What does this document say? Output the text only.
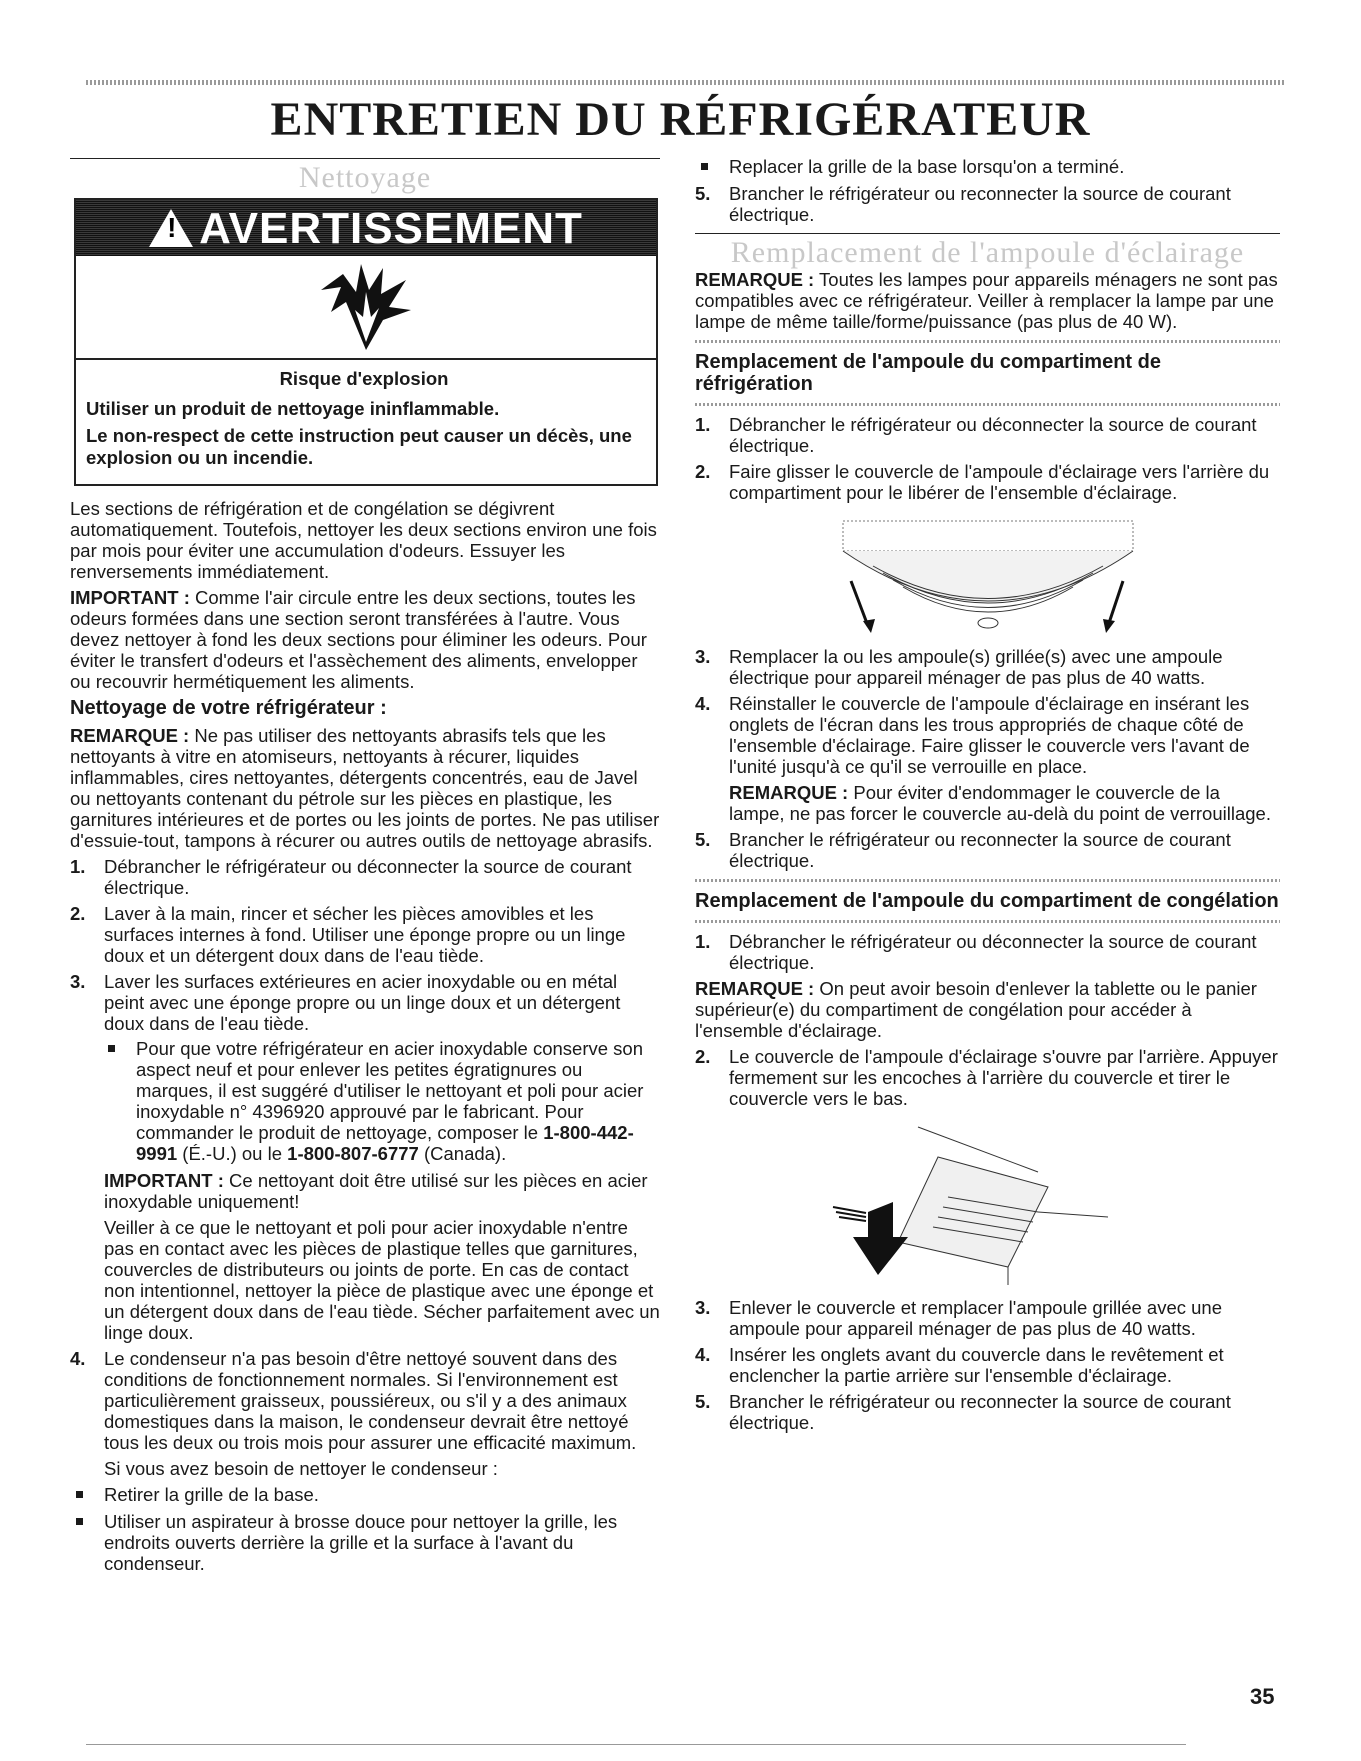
ENTRETIEN DU RÉFRIGÉRATEUR
Nettoyage
! AVERTISSEMENT
Risque d'explosion

Utiliser un produit de nettoyage ininflammable.

Le non-respect de cette instruction peut causer un décès, une explosion ou un incendie.

Les sections de réfrigération et de congélation se dégivrent automatiquement. Toutefois, nettoyer les deux sections environ une fois par mois pour éviter une accumulation d'odeurs. Essuyer les renversements immédiatement.

IMPORTANT : Comme l'air circule entre les deux sections, toutes les odeurs formées dans une section seront transférées à l'autre. Vous devez nettoyer à fond les deux sections pour éliminer les odeurs. Pour éviter le transfert d'odeurs et l'assèchement des aliments, envelopper ou recouvrir hermétiquement les aliments.

Nettoyage de votre réfrigérateur :

REMARQUE : Ne pas utiliser des nettoyants abrasifs tels que les nettoyants à vitre en atomiseurs, nettoyants à récurer, liquides inflammables, cires nettoyantes, détergents concentrés, eau de Javel ou nettoyants contenant du pétrole sur les pièces en plastique, les garnitures intérieures et de portes ou les joints de portes. Ne pas utiliser d'essuie-tout, tampons à récurer ou autres outils de nettoyage abrasifs.

1. Débrancher le réfrigérateur ou déconnecter la source de courant électrique.
2. Laver à la main, rincer et sécher les pièces amovibles et les surfaces internes à fond. Utiliser une éponge propre ou un linge doux et un détergent doux dans de l'eau tiède.
3. Laver les surfaces extérieures en acier inoxydable ou en métal peint avec une éponge propre ou un linge doux et un détergent doux dans de l'eau tiède.
Pour que votre réfrigérateur en acier inoxydable conserve son aspect neuf et pour enlever les petites égratignures ou marques, il est suggéré d'utiliser le nettoyant et poli pour acier inoxydable n° 4396920 approuvé par le fabricant. Pour commander le produit de nettoyage, composer le 1-800-442-9991 (É.-U.) ou le 1-800-807-6777 (Canada).

IMPORTANT : Ce nettoyant doit être utilisé sur les pièces en acier inoxydable uniquement!

Veiller à ce que le nettoyant et poli pour acier inoxydable n'entre pas en contact avec les pièces de plastique telles que garnitures, couvercles de distributeurs ou joints de porte. En cas de contact non intentionnel, nettoyer la pièce de plastique avec une éponge et un détergent doux dans de l'eau tiède. Sécher parfaitement avec un linge doux.

4. Le condenseur n'a pas besoin d'être nettoyé souvent dans des conditions de fonctionnement normales. Si l'environnement est particulièrement graisseux, poussiéreux, ou s'il y a des animaux domestiques dans la maison, le condenseur devrait être nettoyé tous les deux ou trois mois pour assurer une efficacité maximum.

Si vous avez besoin de nettoyer le condenseur :

Retirer la grille de la base.
Utiliser un aspirateur à brosse douce pour nettoyer la grille, les endroits ouverts derrière la grille et la surface à l'avant du condenseur.
Replacer la grille de la base lorsqu'on a terminé.
5. Brancher le réfrigérateur ou reconnecter la source de courant électrique.
Remplacement de l'ampoule d'éclairage

REMARQUE : Toutes les lampes pour appareils ménagers ne sont pas compatibles avec ce réfrigérateur. Veiller à remplacer la lampe par une lampe de même taille/forme/puissance (pas plus de 40 W).

Remplacement de l'ampoule du compartiment de réfrigération
1. Débrancher le réfrigérateur ou déconnecter la source de courant électrique.
2. Faire glisser le couvercle de l'ampoule d'éclairage vers l'arrière du compartiment pour le libérer de l'ensemble d'éclairage.
3. Remplacer la ou les ampoule(s) grillée(s) avec une ampoule électrique pour appareil ménager de pas plus de 40 watts.
4. Réinstaller le couvercle de l'ampoule d'éclairage en insérant les onglets de l'écran dans les trous appropriés de chaque côté de l'ensemble d'éclairage. Faire glisser le couvercle vers l'avant de l'unité jusqu'à ce qu'il se verrouille en place.

REMARQUE : Pour éviter d'endommager le couvercle de la lampe, ne pas forcer le couvercle au-delà du point de verrouillage.

5. Brancher le réfrigérateur ou reconnecter la source de courant électrique.
Remplacement de l'ampoule du compartiment de congélation
1. Débrancher le réfrigérateur ou déconnecter la source de courant électrique.

REMARQUE : On peut avoir besoin d'enlever la tablette ou le panier supérieur(e) du compartiment de congélation pour accéder à l'ensemble d'éclairage.

2. Le couvercle de l'ampoule d'éclairage s'ouvre par l'arrière. Appuyer fermement sur les encoches à l'arrière du couvercle et tirer le couvercle vers le bas.
3. Enlever le couvercle et remplacer l'ampoule grillée avec une ampoule pour appareil ménager de pas plus de 40 watts.
4. Insérer les onglets avant du couvercle dans le revêtement et enclencher la partie arrière sur l'ensemble d'éclairage.
5. Brancher le réfrigérateur ou reconnecter la source de courant électrique.
35
